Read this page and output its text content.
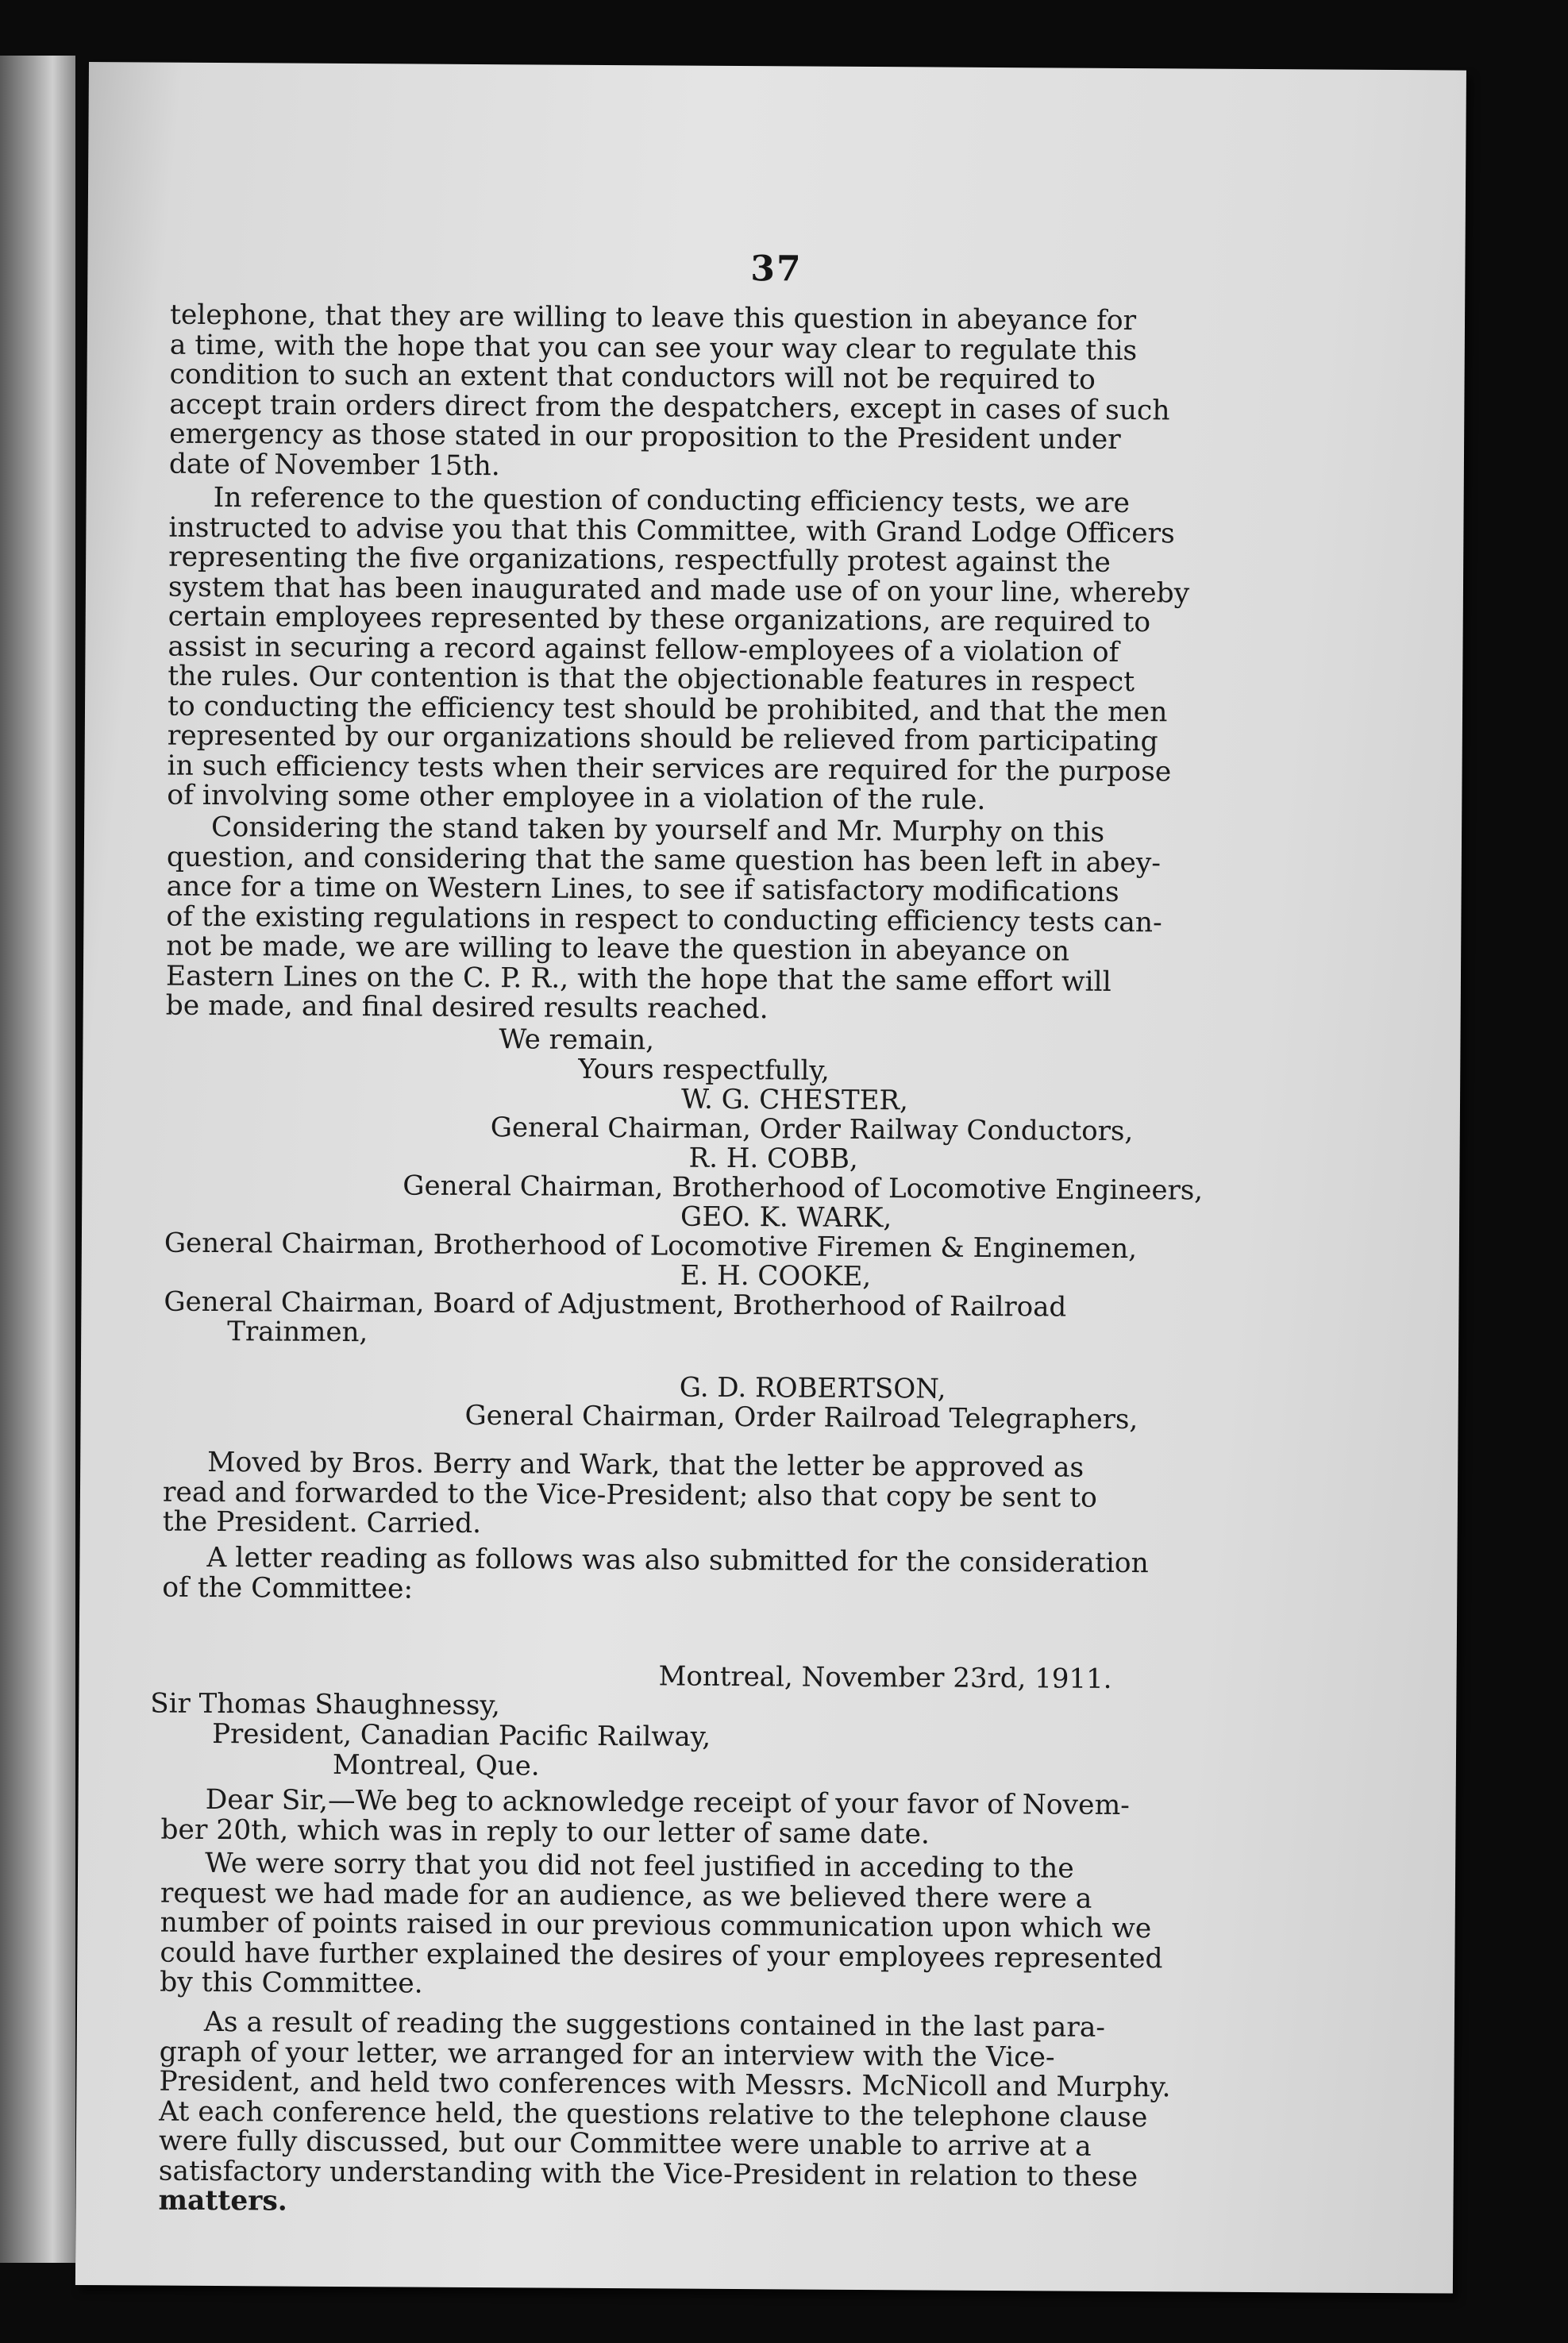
37
telephone, that they are willing to leave this question in abeyance for
a time, with the hope that you can see your way clear to regulate this
condition to such an extent that conductors will not be required to
accept train orders direct from the despatchers, except in cases of such
emergency as those stated in our proposition to the President under
date of November 15th.
In reference to the question of conducting efficiency tests, we are
instructed to advise you that this Committee, with Grand Lodge Officers
representing the five organizations, respectfully protest against the
system that has been inaugurated and made use of on your line, whereby
certain employees represented by these organizations, are required to
assist in securing a record against fellow-employees of a violation of
the rules. Our contention is that the objectionable features in respect
to conducting the efficiency test should be prohibited, and that the men
represented by our organizations should be relieved from participating
in such efficiency tests when their services are required for the purpose
of involving some other employee in a violation of the rule.
Considering the stand taken by yourself and Mr. Murphy on this
question, and considering that the same question has been left in abey-
ance for a time on Western Lines, to see if satisfactory modifications
of the existing regulations in respect to conducting efficiency tests can-
not be made, we are willing to leave the question in abeyance on
Eastern Lines on the C. P. R., with the hope that the same effort will
be made, and final desired results reached.
We remain,
Yours respectfully,
W. G. CHESTER,
General Chairman, Order Railway Conductors,
R. H. COBB,
General Chairman, Brotherhood of Locomotive Engineers,
GEO. K. WARK,
General Chairman, Brotherhood of Locomotive Firemen & Enginemen,
E. H. COOKE,
General Chairman, Board of Adjustment, Brotherhood of Railroad
Trainmen,
G. D. ROBERTSON,
General Chairman, Order Railroad Telegraphers,
Moved by Bros. Berry and Wark, that the letter be approved as
read and forwarded to the Vice-President; also that copy be sent to
the President. Carried.
A letter reading as follows was also submitted for the consideration
of the Committee:
Montreal, November 23rd, 1911.
Sir Thomas Shaughnessy,
President, Canadian Pacific Railway,
Montreal, Que.
Dear Sir,—We beg to acknowledge receipt of your favor of Novem-
ber 20th, which was in reply to our letter of same date.
We were sorry that you did not feel justified in acceding to the
request we had made for an audience, as we believed there were a
number of points raised in our previous communication upon which we
could have further explained the desires of your employees represented
by this Committee.
As a result of reading the suggestions contained in the last para-
graph of your letter, we arranged for an interview with the Vice-
President, and held two conferences with Messrs. McNicoll and Murphy.
At each conference held, the questions relative to the telephone clause
were fully discussed, but our Committee were unable to arrive at a
satisfactory understanding with the Vice-President in relation to these
matters.
